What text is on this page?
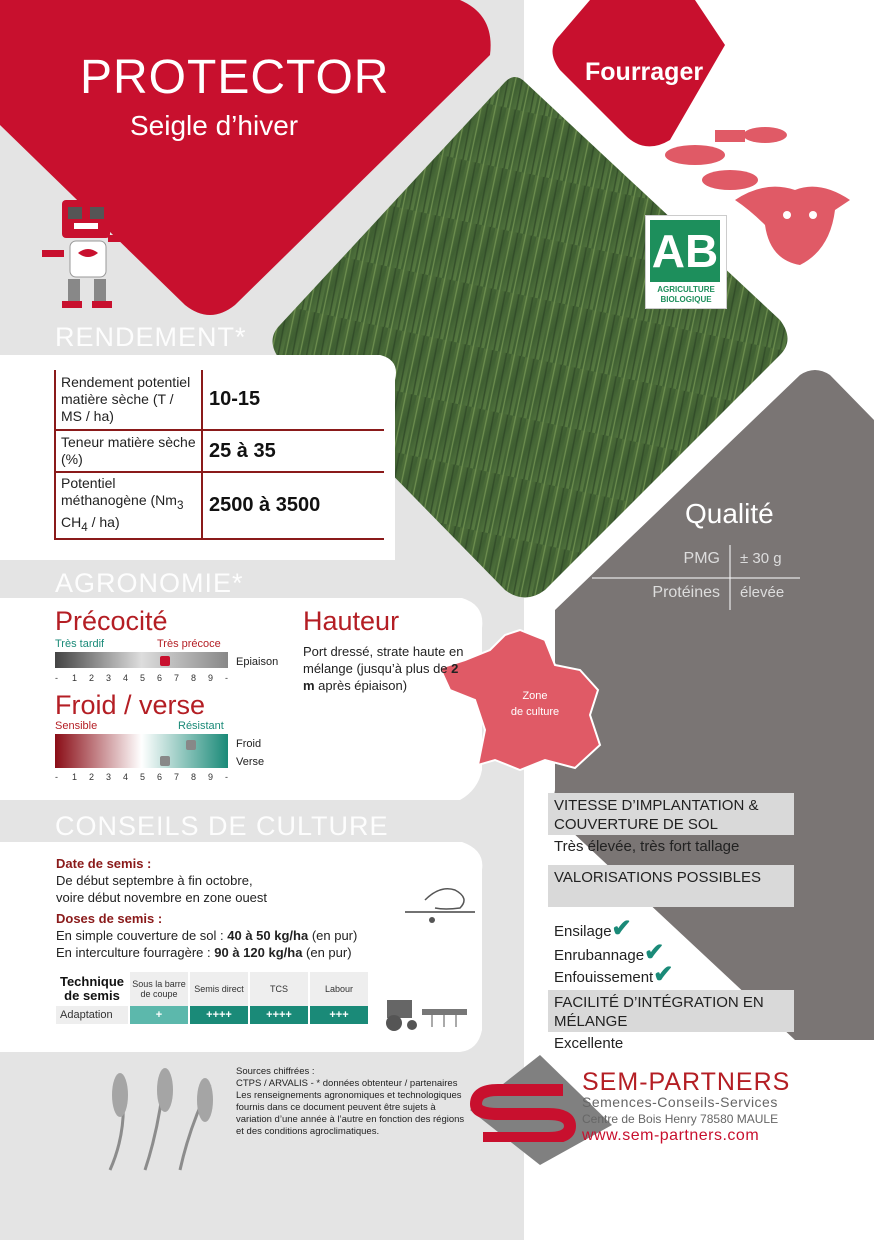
PROTECTOR
Seigle d’hiver
Fourrager
AB
AGRICULTURE
BIOLOGIQUE
RENDEMENT*
Rendement potentiel matière sèche (T / MS / ha)	10-15
Teneur matière sèche (%)	25 à 35
Potentiel méthanogène ($Nm_3$ $CH_4 / ha$)	2500 à 3500	Qualité
PMG ± 30 g
Protéines élevée
AGRONOMIE*
Précocité
Très tardif	Très précoce
Epiaison
- 1 2 3 4 5 6 7 8 9 -
Froid / verse
Sensible	Résistant
Froid
Verse
- 1 2 3 4 5 6 7 8 9 -
Hauteur
Port dressé, strate haute en mélange (jusqu’à plus de 2 m après épiaison)
Zone
de culture
CONSEILS DE CULTURE
Date de semis :
De début septembre à fin octobre,
voire début novembre en zone ouest
Doses de semis :
En simple couverture de sol : 40 à 50 kg/ha (en pur)
En interculture fourragère : 90 à 120 kg/ha (en pur)
Technique de semis	Sous la barre de coupe	Semis direct	TCS	Labour
Adaptation	+	++++	++++	+++
VITESSE D’IMPLANTATION & COUVERTURE DE SOL
Très élevée, très fort tallage
VALORISATIONS POSSIBLES
Ensilage✔
Enrubannage✔
Enfouissement✔
FACILITÉ D’INTÉGRATION EN MÉLANGE
Excellente
Sources chiffrées :
CTPS / ARVALIS - * données obtenteur / partenaires Les renseignements agronomiques et technologiques fournis dans ce document peuvent être sujets à variation d’une année à l’autre en fonction des régions et des conditions agroclimatiques.
SEM-PARTNERS
Semences-Conseils-Services
Centre de Bois Henry 78580 MAULE
www.sem-partners.com
